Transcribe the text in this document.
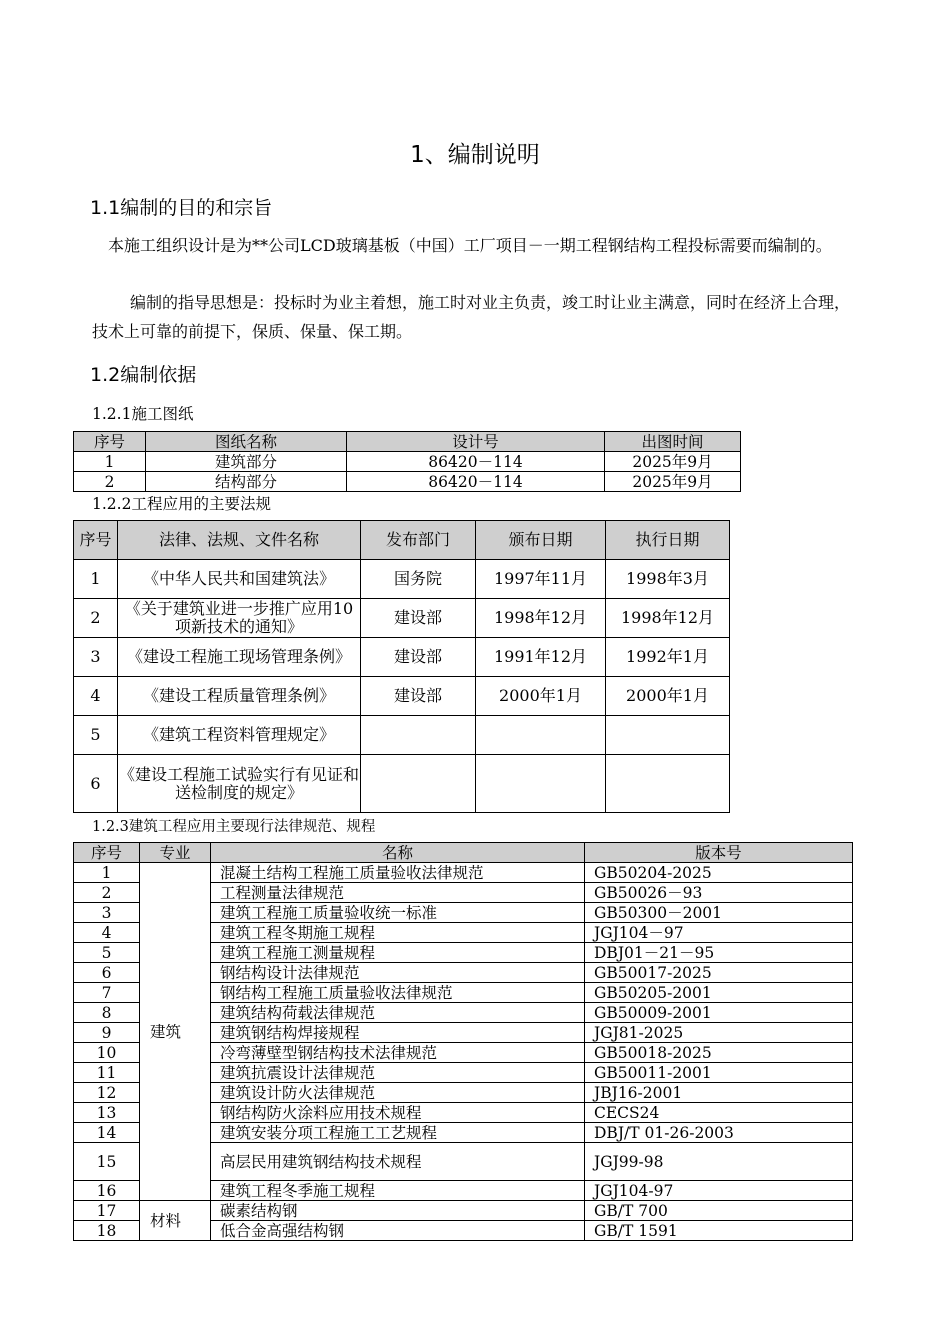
1、编制说明
1.1编制的目的和宗旨
本施工组织设计是为**公司LCD玻璃基板（中国）工厂项目－一期工程钢结构工程投标需要而编制的。
编制的指导思想是：投标时为业主着想，施工时对业主负责，竣工时让业主满意，同时在经济上合理，技术上可靠的前提下，保质、保量、保工期。
1.2编制依据
1.2.1施工图纸
序号	图纸名称	设计号	出图时间
1	建筑部分	86420－114	2025年9月
2	结构部分	86420－114	2025年9月
1.2.2工程应用的主要法规
序号	法律、法规、文件名称	发布部门	颁布日期	执行日期
1	《中华人民共和国建筑法》	国务院	1997年11月	1998年3月
2	《关于建筑业进一步推广应用10项新技术的通知》	建设部	1998年12月	1998年12月
3	《建设工程施工现场管理条例》	建设部	1991年12月	1992年1月
4	《建设工程质量管理条例》	建设部	2000年1月	2000年1月
5	《建筑工程资料管理规定》			
6	《建设工程施工试验实行有见证和送检制度的规定》			
1.2.3建筑工程应用主要现行法律规范、规程
序号	专业	名称	版本号
1	建筑	混凝土结构工程施工质量验收法律规范	GB50204-2025
2		工程测量法律规范	GB50026－93
3		建筑工程施工质量验收统一标准	GB50300－2001
4		建筑工程冬期施工规程	JGJ104－97
5		建筑工程施工测量规程	DBJ01－21－95
6		钢结构设计法律规范	GB50017-2025
7		钢结构工程施工质量验收法律规范	GB50205-2001
8		建筑结构荷载法律规范	GB50009-2001
9		建筑钢结构焊接规程	JGJ81-2025
10		冷弯薄壁型钢结构技术法律规范	GB50018-2025
11		建筑抗震设计法律规范	GB50011-2001
12		建筑设计防火法律规范	JBJ16-2001
13		钢结构防火涂料应用技术规程	CECS24
14		建筑安装分项工程施工工艺规程	DBJ/T 01-26-2003
15		高层民用建筑钢结构技术规程	JGJ99-98
16		建筑工程冬季施工规程	JGJ104-97
17	材料	碳素结构钢	GB/T 700
18		低合金高强结构钢	GB/T 1591
